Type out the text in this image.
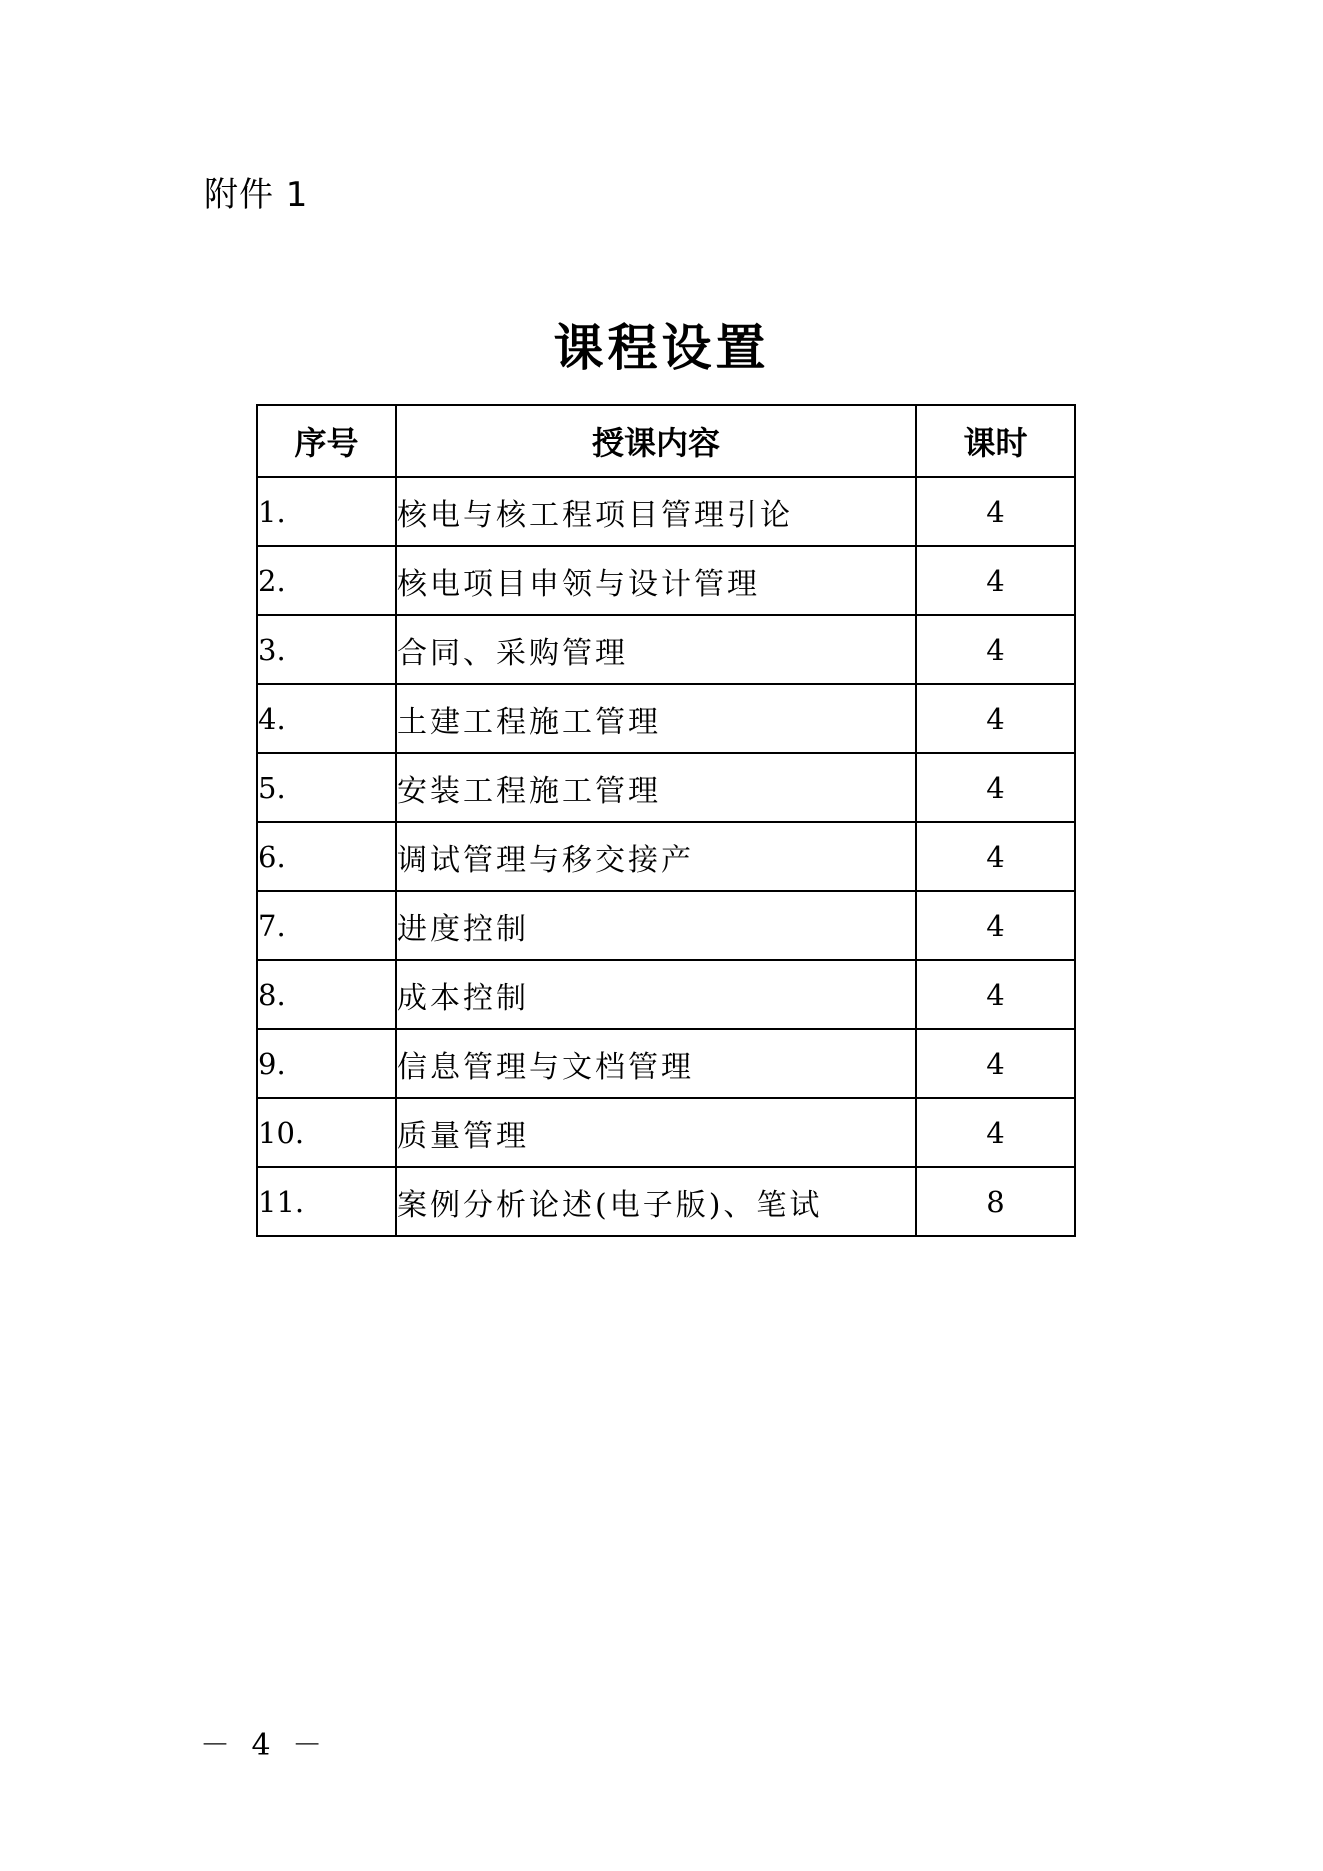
附件 1
课程设置
序号	授课内容	课时
1.	核电与核工程项目管理引论	4
2.	核电项目申领与设计管理	4
3.	合同、采购管理	4
4.	土建工程施工管理	4
5.	安装工程施工管理	4
6.	调试管理与移交接产	4
7.	进度控制	4
8.	成本控制	4
9.	信息管理与文档管理	4
10.	质量管理	4
11.	案例分析论述(电子版)、笔试	8
－ 4 －
